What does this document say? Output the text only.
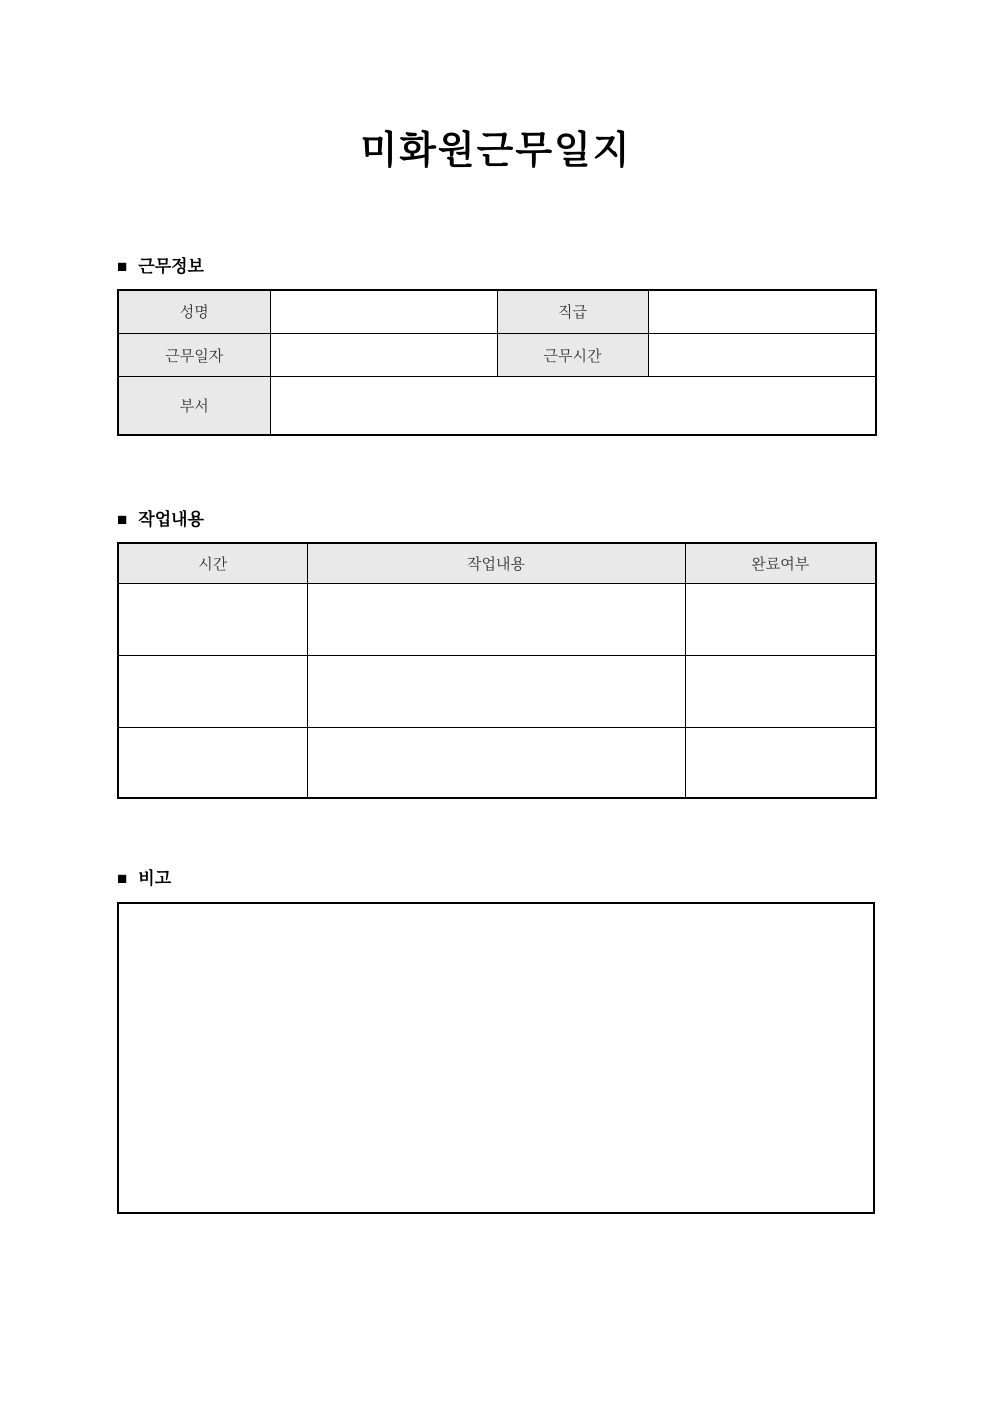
미화원근무일지
■ 근무정보
성명		직급	
근무일자		근무시간	
부서			
■ 작업내용
시간	작업내용	완료여부

■ 비고
